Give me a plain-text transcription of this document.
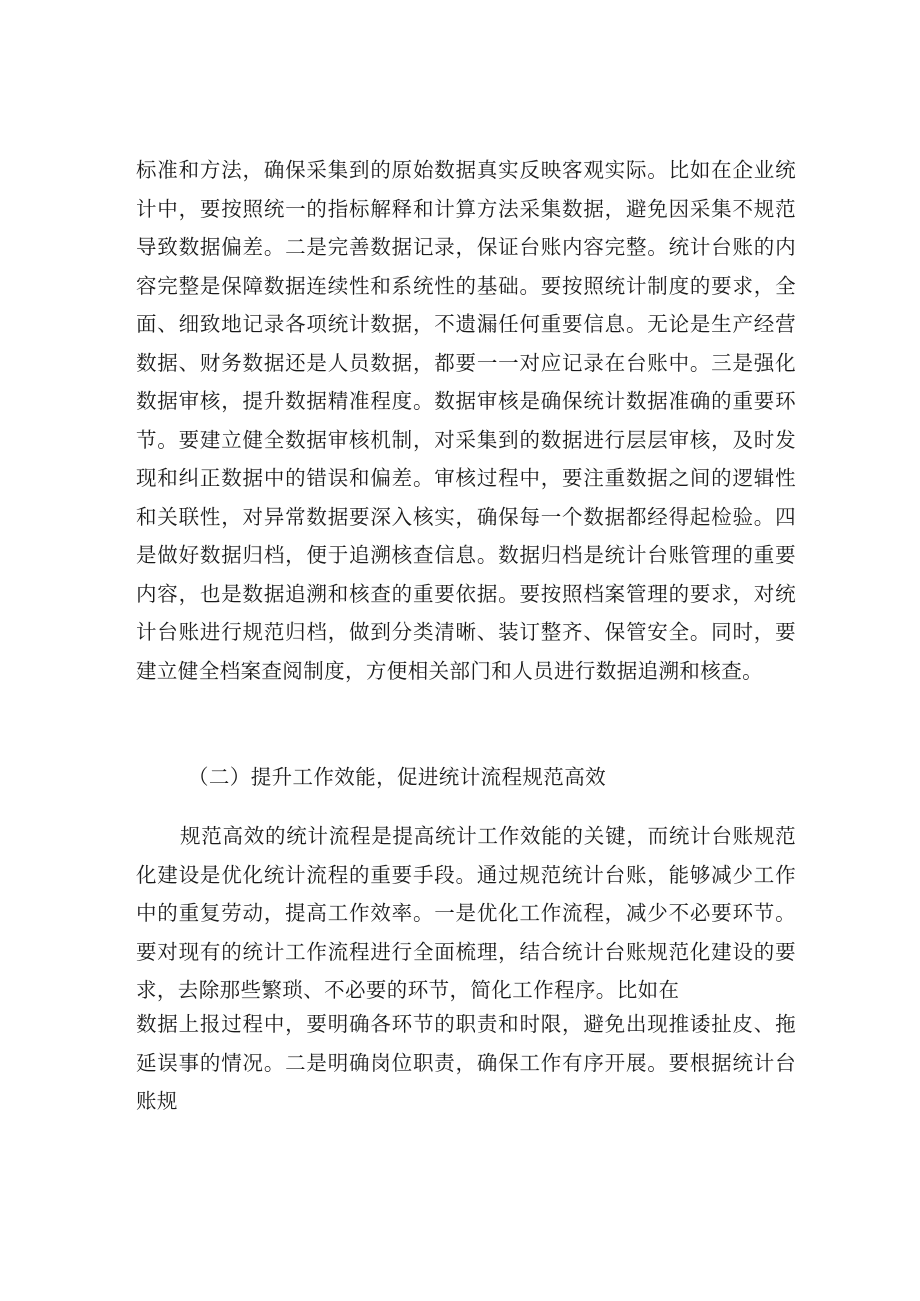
标准和方法，确保采集到的原始数据真实反映客观实际。比如在企业统计中，要按照统一的指标解释和计算方法采集数据，避免因采集不规范导致数据偏差。二是完善数据记录，保证台账内容完整。统计台账的内容完整是保障数据连续性和系统性的基础。要按照统计制度的要求，全面、细致地记录各项统计数据，不遗漏任何重要信息。无论是生产经营数据、财务数据还是人员数据，都要一一对应记录在台账中。三是强化数据审核，提升数据精准程度。数据审核是确保统计数据准确的重要环节。要建立健全数据审核机制，对采集到的数据进行层层审核，及时发现和纠正数据中的错误和偏差。审核过程中，要注重数据之间的逻辑性和关联性，对异常数据要深入核实，确保每一个数据都经得起检验。四是做好数据归档，便于追溯核查信息。数据归档是统计台账管理的重要内容，也是数据追溯和核查的重要依据。要按照档案管理的要求，对统计台账进行规范归档，做到分类清晰、装订整齐、保管安全。同时，要建立健全档案查阅制度，方便相关部门和人员进行数据追溯和核查。
（二）提升工作效能，促进统计流程规范高效
规范高效的统计流程是提高统计工作效能的关键，而统计台账规范化建设是优化统计流程的重要手段。通过规范统计台账，能够减少工作中的重复劳动，提高工作效率。一是优化工作流程，减少不必要环节。要对现有的统计工作流程进行全面梳理，结合统计台账规范化建设的要求，去除那些繁琐、不必要的环节，简化工作程序。比如在
数据上报过程中，要明确各环节的职责和时限，避免出现推诿扯皮、拖延误事的情况。二是明确岗位职责，确保工作有序开展。要根据统计台账规
